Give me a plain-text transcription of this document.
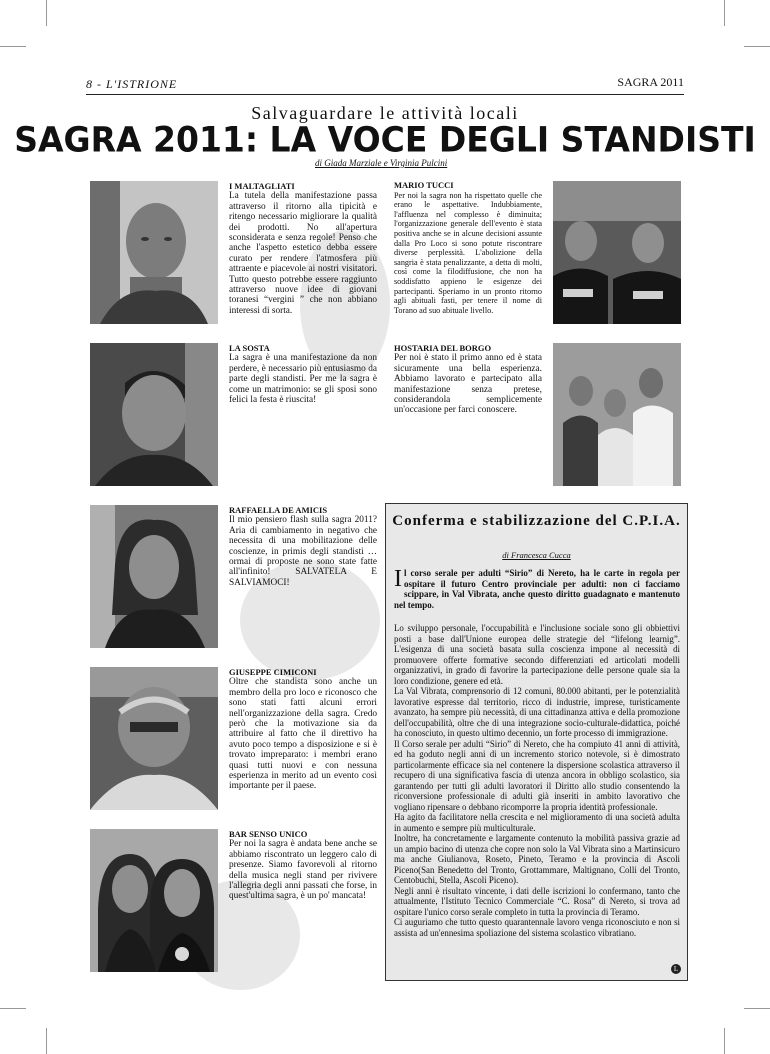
8 - L'ISTRIONE	SAGRA 2011
Salvaguardare le attività locali
SAGRA 2011: LA VOCE DEGLI STANDISTI
di Giada Marziale e Virginia Pulcini
I MALTAGLIATI
La tutela della manifestazione passa attraverso il ritorno alla tipicità e ritengo necessario migliorare la qualità dei prodotti. No all'apertura sconsiderata e senza regole! Penso che anche l'aspetto estetico debba essere curato per rendere l'atmosfera più attraente e piacevole ai nostri visitatori. Tutto questo potrebbe essere raggiunto attraverso nuove idee di giovani toranesi “vergini ” che non abbiano interessi di sorta.
MARIO TUCCI
Per noi la sagra non ha rispettato quelle che erano le aspettative. Indubbiamente, l'affluenza nel complesso è diminuita; l'organizzazione generale dell'evento è stata positiva anche se in alcune decisioni assunte dalla Pro Loco si sono potute riscontrare diverse perplessità. L'abolizione della sangria è stata penalizzante, a detta di molti, così come la filodiffusione, che non ha soddisfatto appieno le esigenze dei partecipanti. Speriamo in un pronto ritorno agli abituali fasti, per tenere il nome di Torano ad suo abituale livello.
LA SOSTA
La sagra è una manifestazione da non perdere, è necessario più entusiasmo da parte degli standisti. Per me la sagra è come un matrimonio: se gli sposi sono felici la festa è riuscita!
HOSTARIA DEL BORGO
Per noi è stato il primo anno ed è stata sicuramente una bella esperienza. Abbiamo lavorato e partecipato alla manifestazione senza pretese, considerandola semplicemente un'occasione per farci conoscere.
RAFFAELLA DE AMICIS
Il mio pensiero flash sulla sagra 2011? Aria di cambiamento in negativo che necessita di una mobilitazione delle coscienze, in primis degli standisti … ormai di proposte ne sono state fatte all'infinito! SALVATELA E SALVIAMOCI!
GIUSEPPE CIMICONI
Oltre che standista sono anche un membro della pro loco e riconosco che sono stati fatti alcuni errori nell'organizzazione della sagra. Credo però che la motivazione sia da attribuire al fatto che il direttivo ha avuto poco tempo a disposizione e si è trovato impreparato: i membri erano quasi tutti nuovi e con nessuna esperienza in merito ad un evento così importante per il paese.
BAR SENSO UNICO
Per noi la sagra è andata bene anche se abbiamo riscontrato un leggero calo di presenze. Siamo favorevoli al ritorno della musica negli stand per rivivere l'allegria degli anni passati che forse, in quest'ultima sagra, è un po' mancata!
Conferma e stabilizzazione del C.P.I.A.
di Francesca Cucca
Il corso serale per adulti “Sirio” di Nereto, ha le carte in regola per ospitare il futuro Centro provinciale per adulti: non ci facciamo scippare, in Val Vibrata, anche questo diritto guadagnato e mantenuto nel tempo.

Lo sviluppo personale, l'occupabilità e l'inclusione sociale sono gli obbiettivi posti a base dall'Unione europea delle strategie del “lifelong learnig”. L'esigenza di una società basata sulla coscienza impone al necessità di promuovere offerte formative secondo differenziati ed articolati modelli organizzativi, in grado di favorire la partecipazione delle persone quale sia la loro condizione, genere ed età.

La Val Vibrata, comprensorio di 12 comuni, 80.000 abitanti, per le potenzialità lavorative espresse dal territorio, ricco di industrie, imprese, turisticamente avanzato, ha sempre più necessità, di una cittadinanza attiva e della promozione dell'occupabilità, oltre che di una integrazione socio-culturale-didattica, poiché ha conosciuto, in questo ultimo decennio, un forte processo di immigrazione.

Il Corso serale per adulti “Sirio” di Nereto, che ha compiuto 41 anni di attività, ed ha goduto negli anni di un incremento storico notevole, si è dimostrato particolarmente efficace sia nel contenere la dispersione scolastica attraverso il recupero di una significativa fascia di utenza ancora in obbligo scolastico, sia garantendo per tutti gli adulti lavoratori il Diritto allo studio consentendo la riconversione professionale di adulti già inseriti in ambito lavorativo che vogliano ripensare o debbano ricomporre la propria identità professionale.

Ha agito da facilitatore nella crescita e nel miglioramento di una società adulta in aumento e sempre più multiculturale.

Inoltre, ha concretamente e largamente contenuto la mobilità passiva grazie ad un ampio bacino di utenza che copre non solo la Val Vibrata sino a Martinsicuro ma anche Giulianova, Roseto, Pineto, Teramo e la provincia di Ascoli Piceno(San Benedetto del Tronto, Grottammare, Maltignano, Colli del Tronto, Centobuchi, Stella, Ascoli Piceno).

Negli anni è risultato vincente, i dati delle iscrizioni lo confermano, tanto che attualmente, l'Istituto Tecnico Commerciale “C. Rosa” di Nereto, si trova ad ospitare l'unico corso serale completo in tutta la provincia di Teramo.

Ci auguriamo che tutto questo quarantennale lavoro venga riconosciuto e non si assista ad un'ennesima spoliazione del sistema scolastico vibratiano.

L
